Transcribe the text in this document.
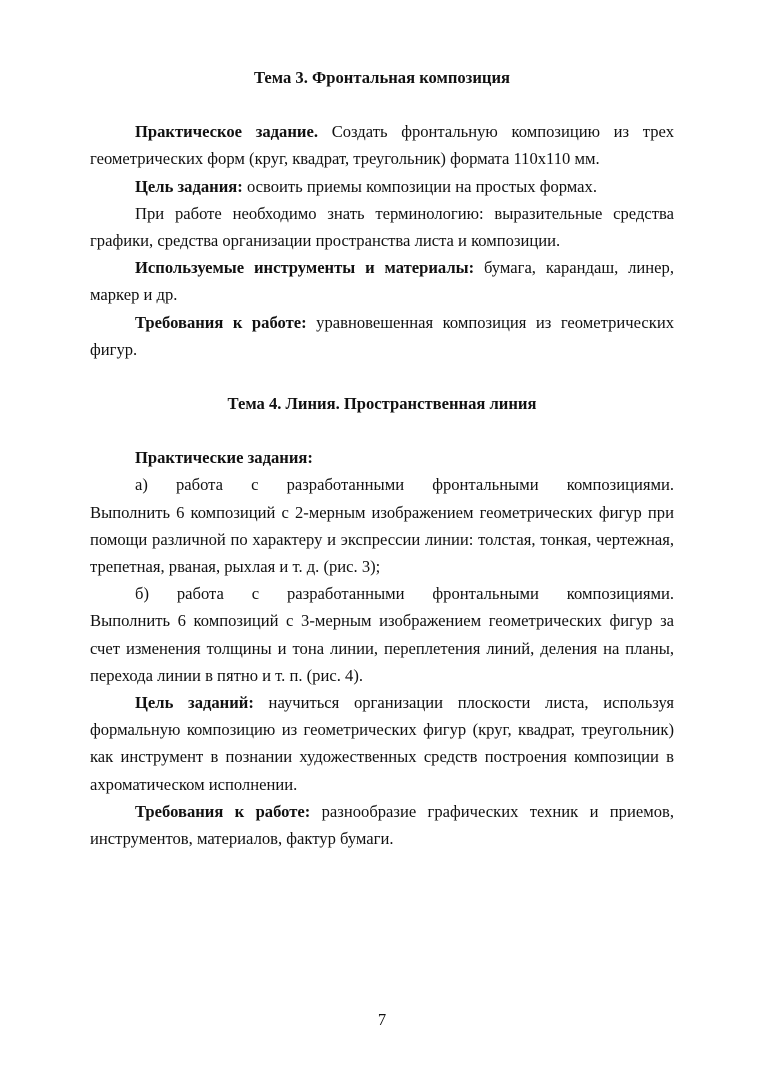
Тема 3. Фронтальная композиция

Практическое задание. Создать фронтальную композицию из трех геометрических форм (круг, квадрат, треугольник) формата 110х110 мм.

Цель задания: освоить приемы композиции на простых формах.

При работе необходимо знать терминологию: выразительные средства графики, средства организации пространства листа и композиции.

Используемые инструменты и материалы: бумага, карандаш, линер, маркер и др.

Требования к работе: уравновешенная композиция из геометрических фигур.

Тема 4. Линия. Пространственная линия

Практические задания:

а) работа с разработанными фронтальными композициями.

Выполнить 6 композиций с 2-мерным изображением геометрических фигур при помощи различной по характеру и экспрессии линии: толстая, тонкая, чертежная, трепетная, рваная, рыхлая и т. д. (рис. 3);

б) работа с разработанными фронтальными композициями.

Выполнить 6 композиций с 3-мерным изображением геометрических фигур за счет изменения толщины и тона линии, переплетения линий, деления на планы, перехода линии в пятно и т. п. (рис. 4).

Цель заданий: научиться организации плоскости листа, используя формальную композицию из геометрических фигур (круг, квадрат, треугольник) как инструмент в познании художественных средств построения композиции в ахроматическом исполнении.

Требования к работе: разнообразие графических техник и приемов, инструментов, материалов, фактур бумаги.

7
